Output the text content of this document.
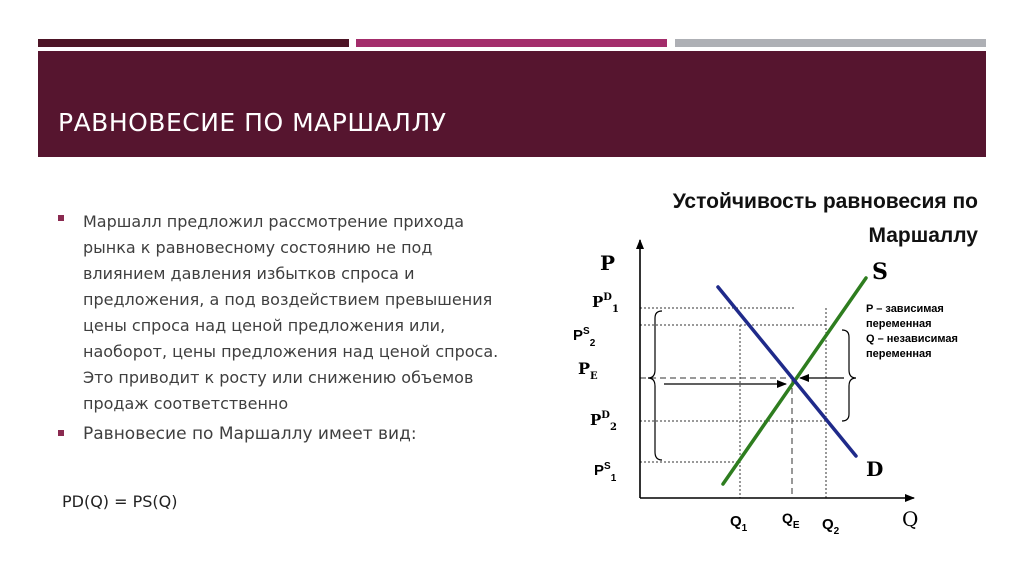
РАВНОВЕСИЕ ПО МАРШАЛЛУ
Маршалл предложил рассмотрение прихода рынка к равновесному состоянию не под влиянием давления избытков спроса и предложения, а под воздействием превышения цены спроса над ценой предложения или, наоборот, цены предложения над ценой спроса. Это приводит к росту или снижению объемов продаж соответственно
Равновесие по Маршаллу имеет вид:
PD(Q) = PS(Q)
Устойчивость равновесия по
Маршаллу
P
Q
S
D
$P^D_1$
$P^S_2$
$P_E$
$P^D_2$
$P^S_1$
$Q_1$
$Q_E$ $Q_2$
P – зависимая
переменная
Q – независимая
переменная
